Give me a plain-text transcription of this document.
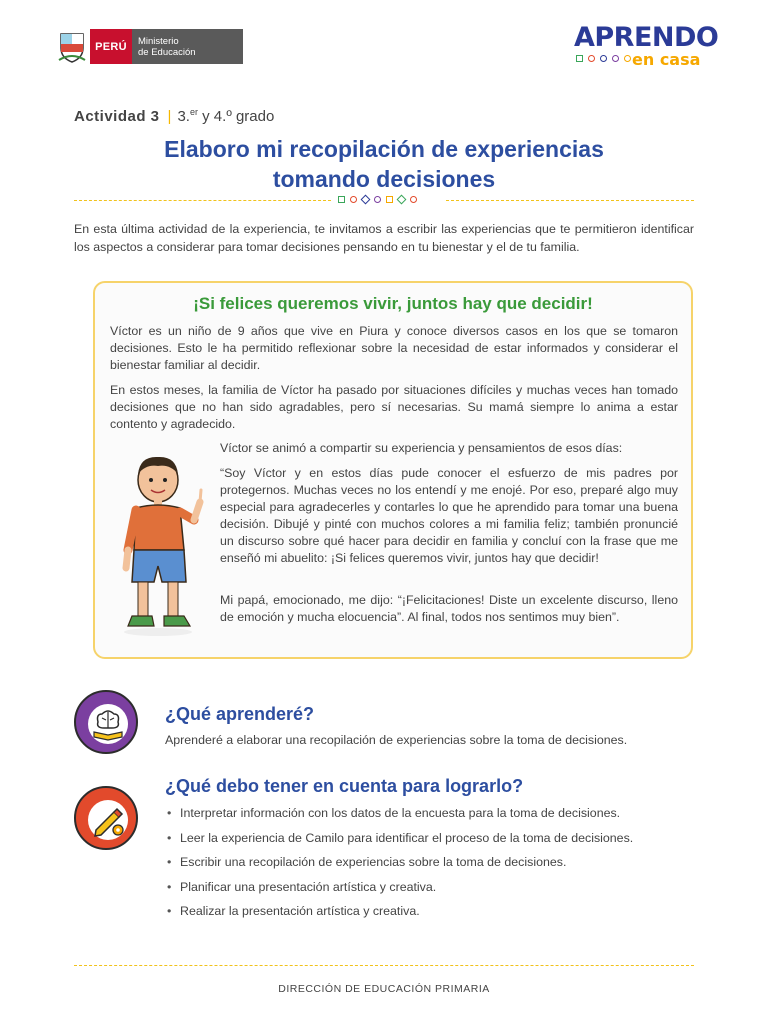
PERÚ Ministerio
de Educación	APRENDO
en casa
Actividad 3 | 3.$^{er}$ y 4.º grado
Elaboro mi recopilación de experiencias
tomando decisiones
En esta última actividad de la experiencia, te invitamos a escribir las experiencias que te permitieron identificar los aspectos a considerar para tomar decisiones pensando en tu bienestar y el de tu familia.
¡Si felices queremos vivir, juntos hay que decidir!
Víctor es un niño de 9 años que vive en Piura y conoce diversos casos en los que se tomaron decisiones. Esto le ha permitido reflexionar sobre la necesidad de estar informados y considerar el bienestar familiar al decidir.
En estos meses, la familia de Víctor ha pasado por situaciones difíciles y muchas veces han tomado decisiones que no han sido agradables, pero sí necesarias. Su mamá siempre lo anima a estar contento y agradecido.
Víctor se animó a compartir su experiencia y pensamientos de esos días:
“Soy Víctor y en estos días pude conocer el esfuerzo de mis padres por protegernos. Muchas veces no los entendí y me enojé. Por eso, preparé algo muy especial para agradecerles y contarles lo que he aprendido para tomar una buena decisión. Dibujé y pinté con muchos colores a mi familia feliz; también pronuncié un discurso sobre qué hacer para decidir en familia y concluí con la frase que me enseñó mi abuelito: ¡Si felices queremos vivir, juntos hay que decidir!
Mi papá, emocionado, me dijo: “¡Felicitaciones! Diste un excelente discurso, lleno de emoción y mucha elocuencia”. Al final, todos nos sentimos muy bien”.
¿Qué aprenderé?
Aprenderé a elaborar una recopilación de experiencias sobre la toma de decisiones.
¿Qué debo tener en cuenta para lograrlo?
• Interpretar información con los datos de la encuesta para la toma de decisiones.
• Leer la experiencia de Camilo para identificar el proceso de la toma de decisiones.
• Escribir una recopilación de experiencias sobre la toma de decisiones.
• Planificar una presentación artística y creativa.
• Realizar la presentación artística y creativa.
DIRECCIÓN DE EDUCACIÓN PRIMARIA
